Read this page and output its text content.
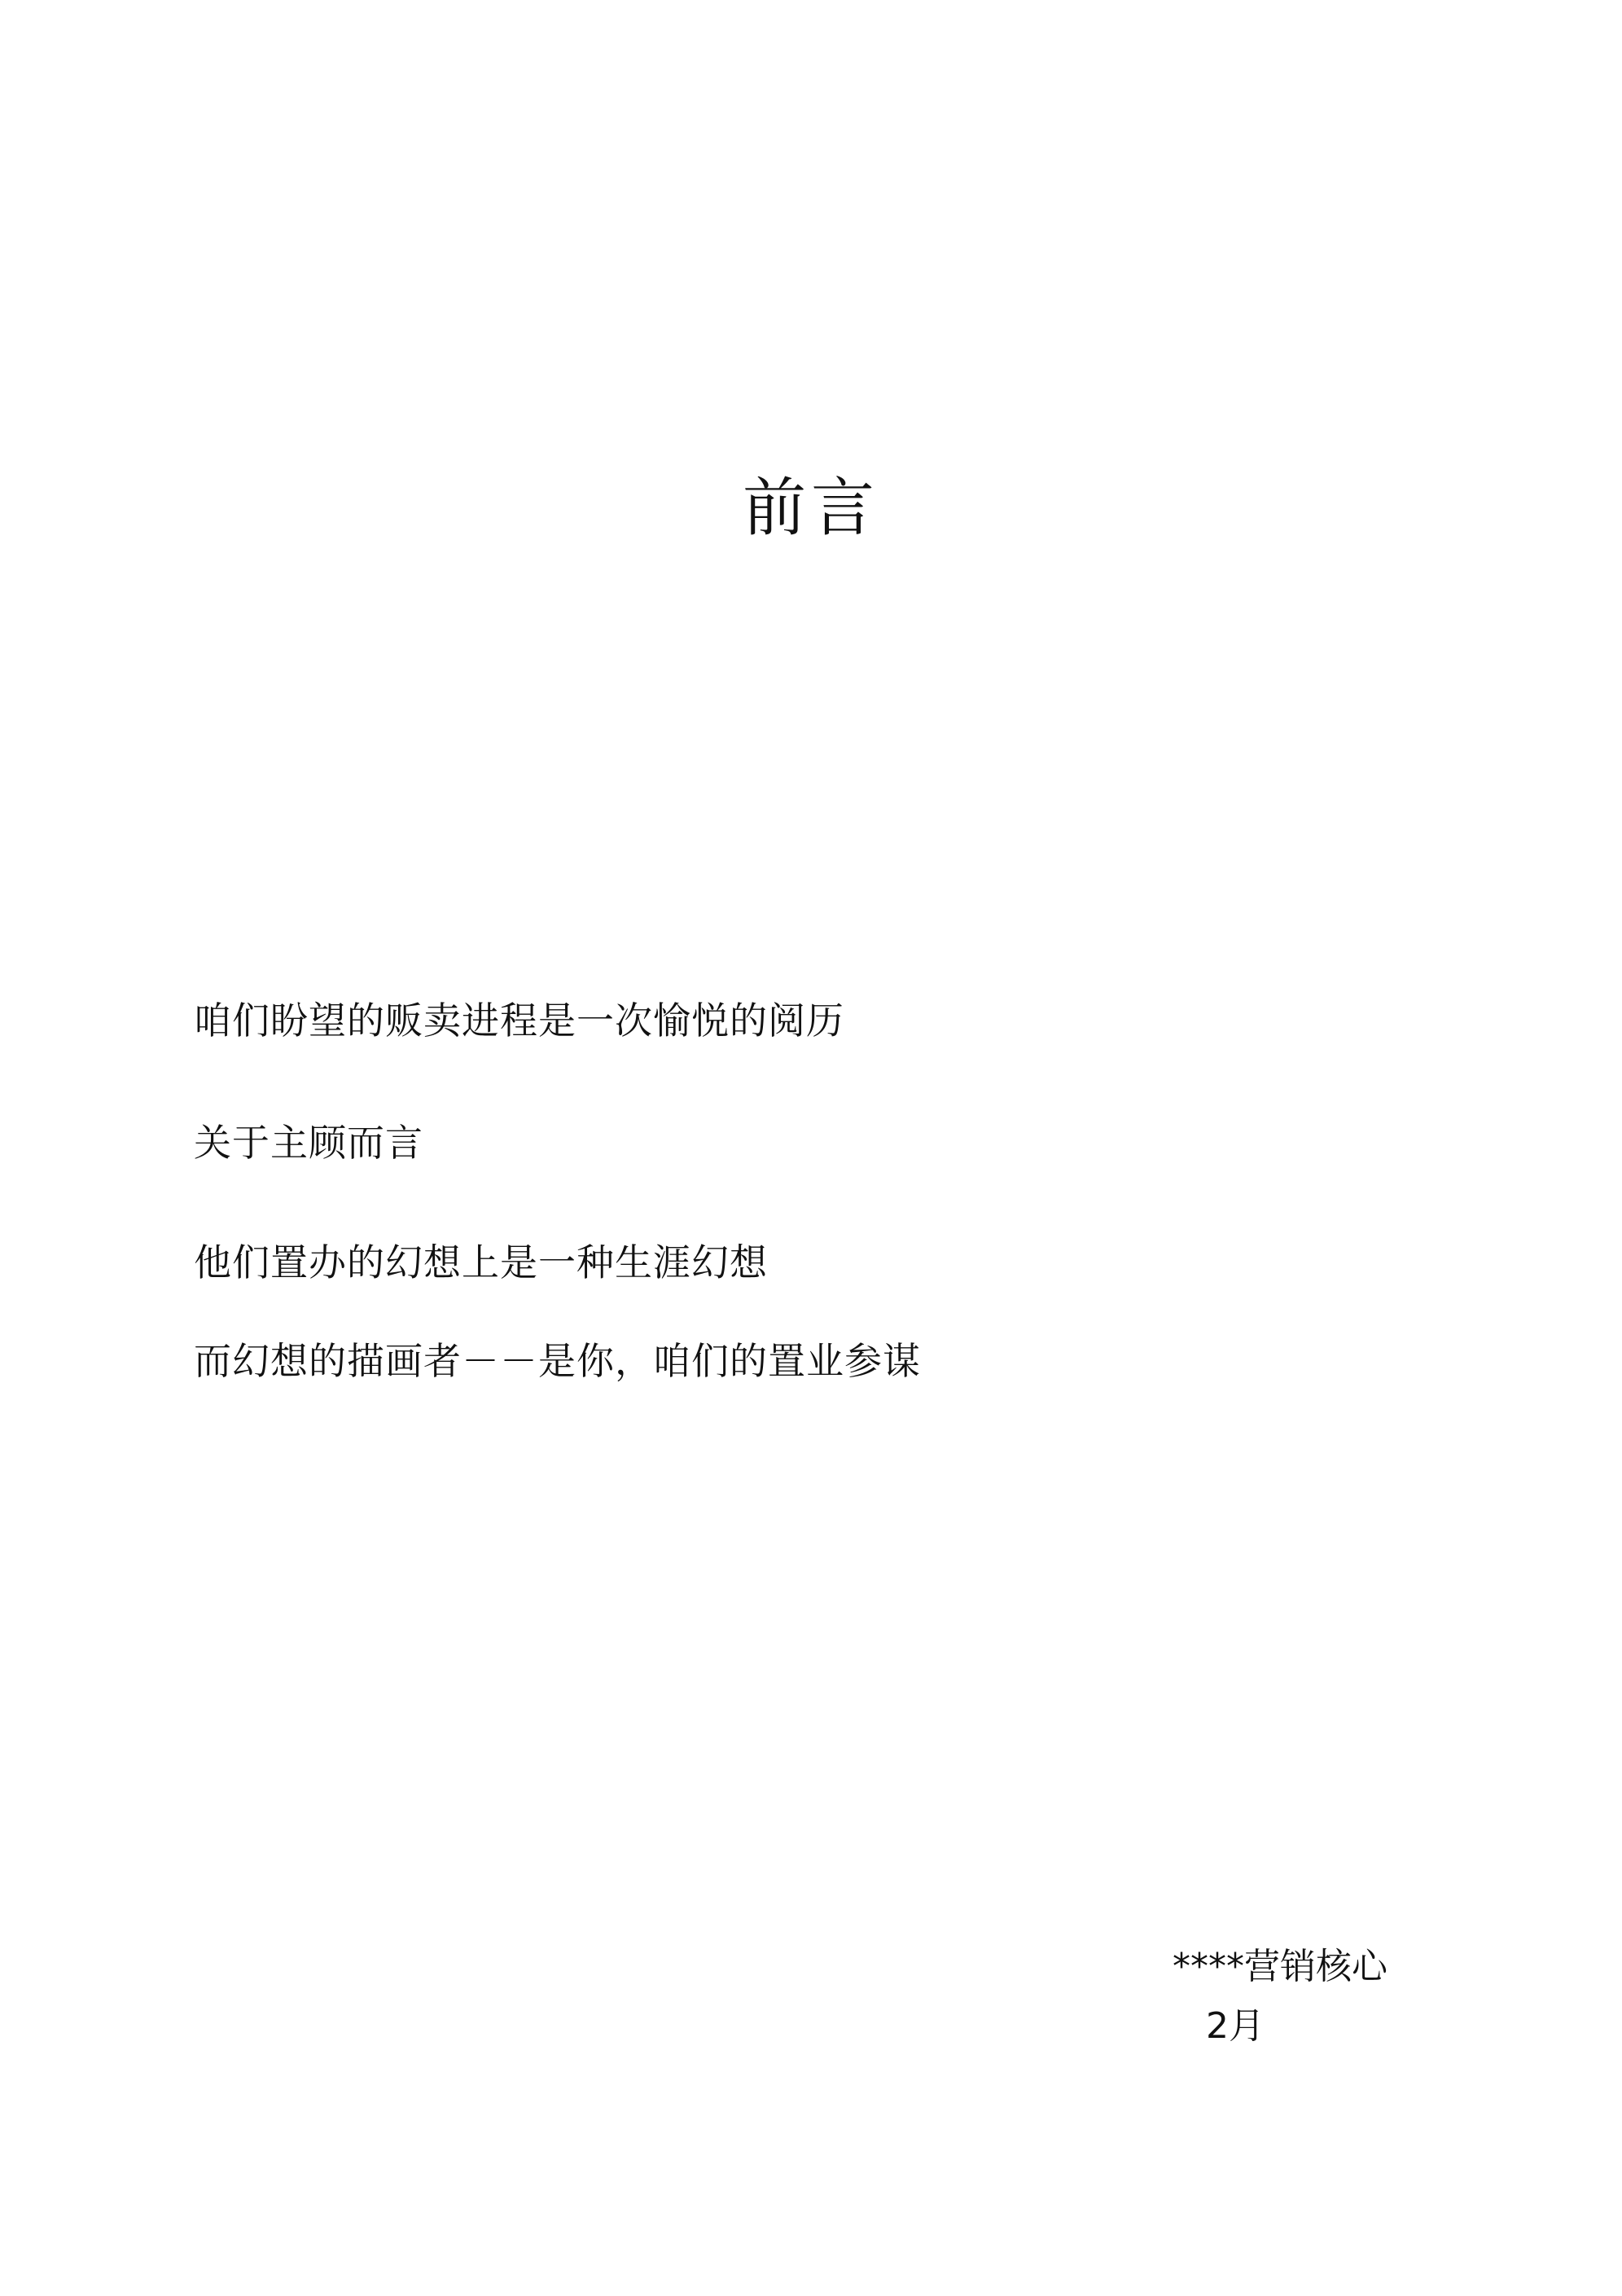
前言
咱们盼望的贩卖进程是一次愉悦的阅历
关于主顾而言
他们置办的幻想上是一种生涯幻想
而幻想的描画者－－是你，咱们的置业参谋
****营销核心
2月
